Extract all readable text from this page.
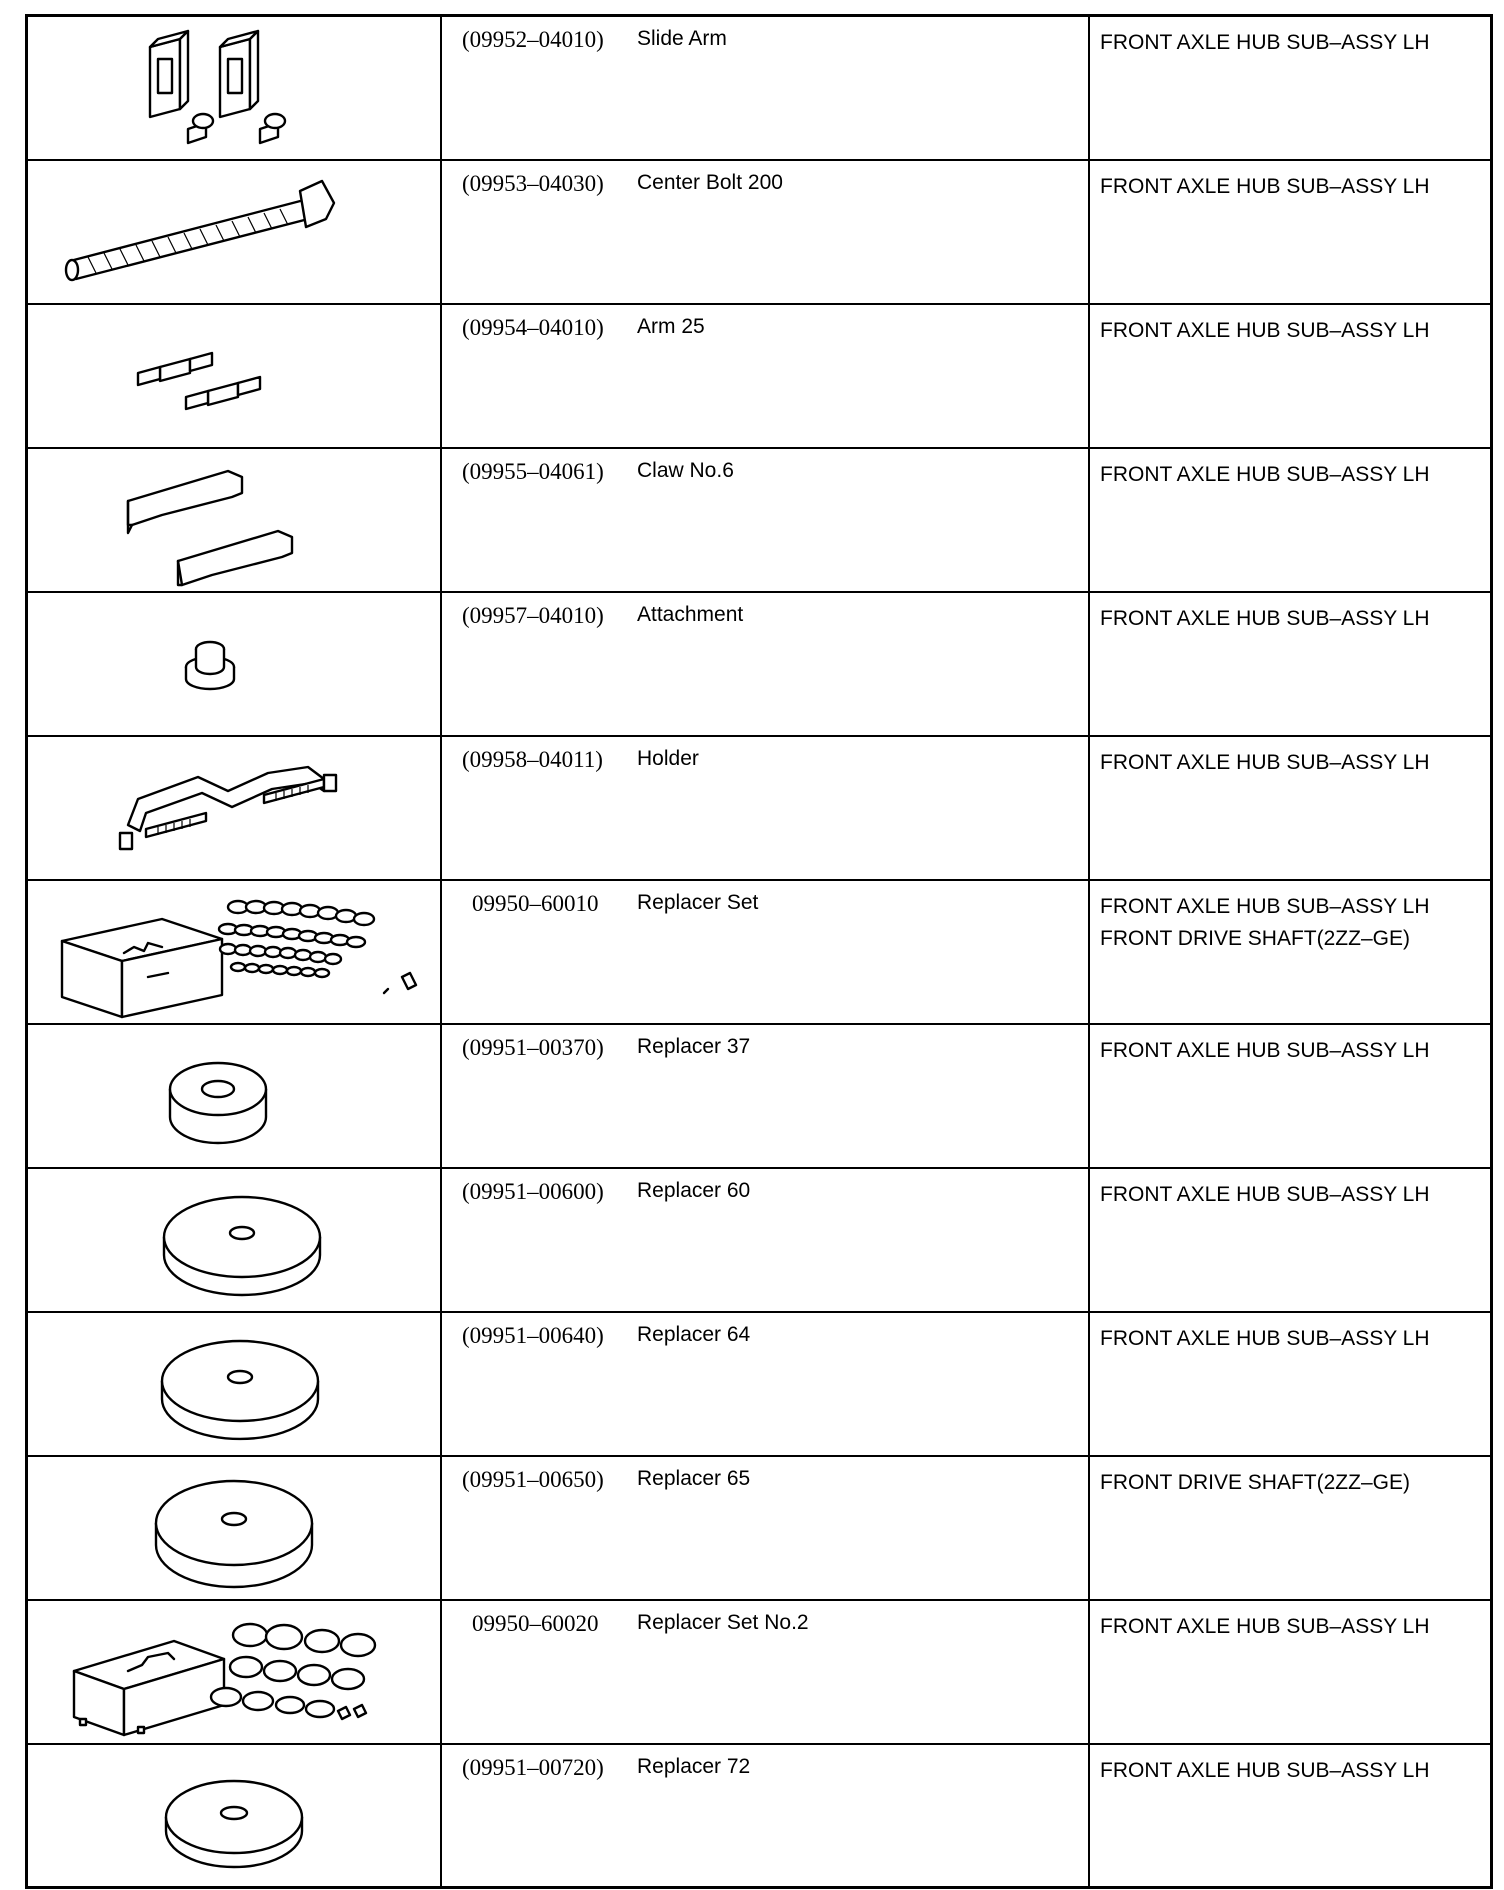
(09952–04010) Slide Arm	FRONT AXLE HUB SUB–ASSY LH

(09953–04030) Center Bolt 200	FRONT AXLE HUB SUB–ASSY LH

(09954–04010) Arm 25	FRONT AXLE HUB SUB–ASSY LH

(09955–04061) Claw No.6	FRONT AXLE HUB SUB–ASSY LH

(09957–04010) Attachment	FRONT AXLE HUB SUB–ASSY LH

(09958–04011) Holder	FRONT AXLE HUB SUB–ASSY LH

09950–60010 Replacer Set	FRONT AXLE HUB SUB–ASSY LH
FRONT DRIVE SHAFT(2ZZ–GE)

(09951–00370) Replacer 37	FRONT AXLE HUB SUB–ASSY LH

(09951–00600) Replacer 60	FRONT AXLE HUB SUB–ASSY LH

(09951–00640) Replacer 64	FRONT AXLE HUB SUB–ASSY LH

(09951–00650) Replacer 65	FRONT DRIVE SHAFT(2ZZ–GE)

09950–60020 Replacer Set No.2	FRONT AXLE HUB SUB–ASSY LH

(09951–00720) Replacer 72	FRONT AXLE HUB SUB–ASSY LH
